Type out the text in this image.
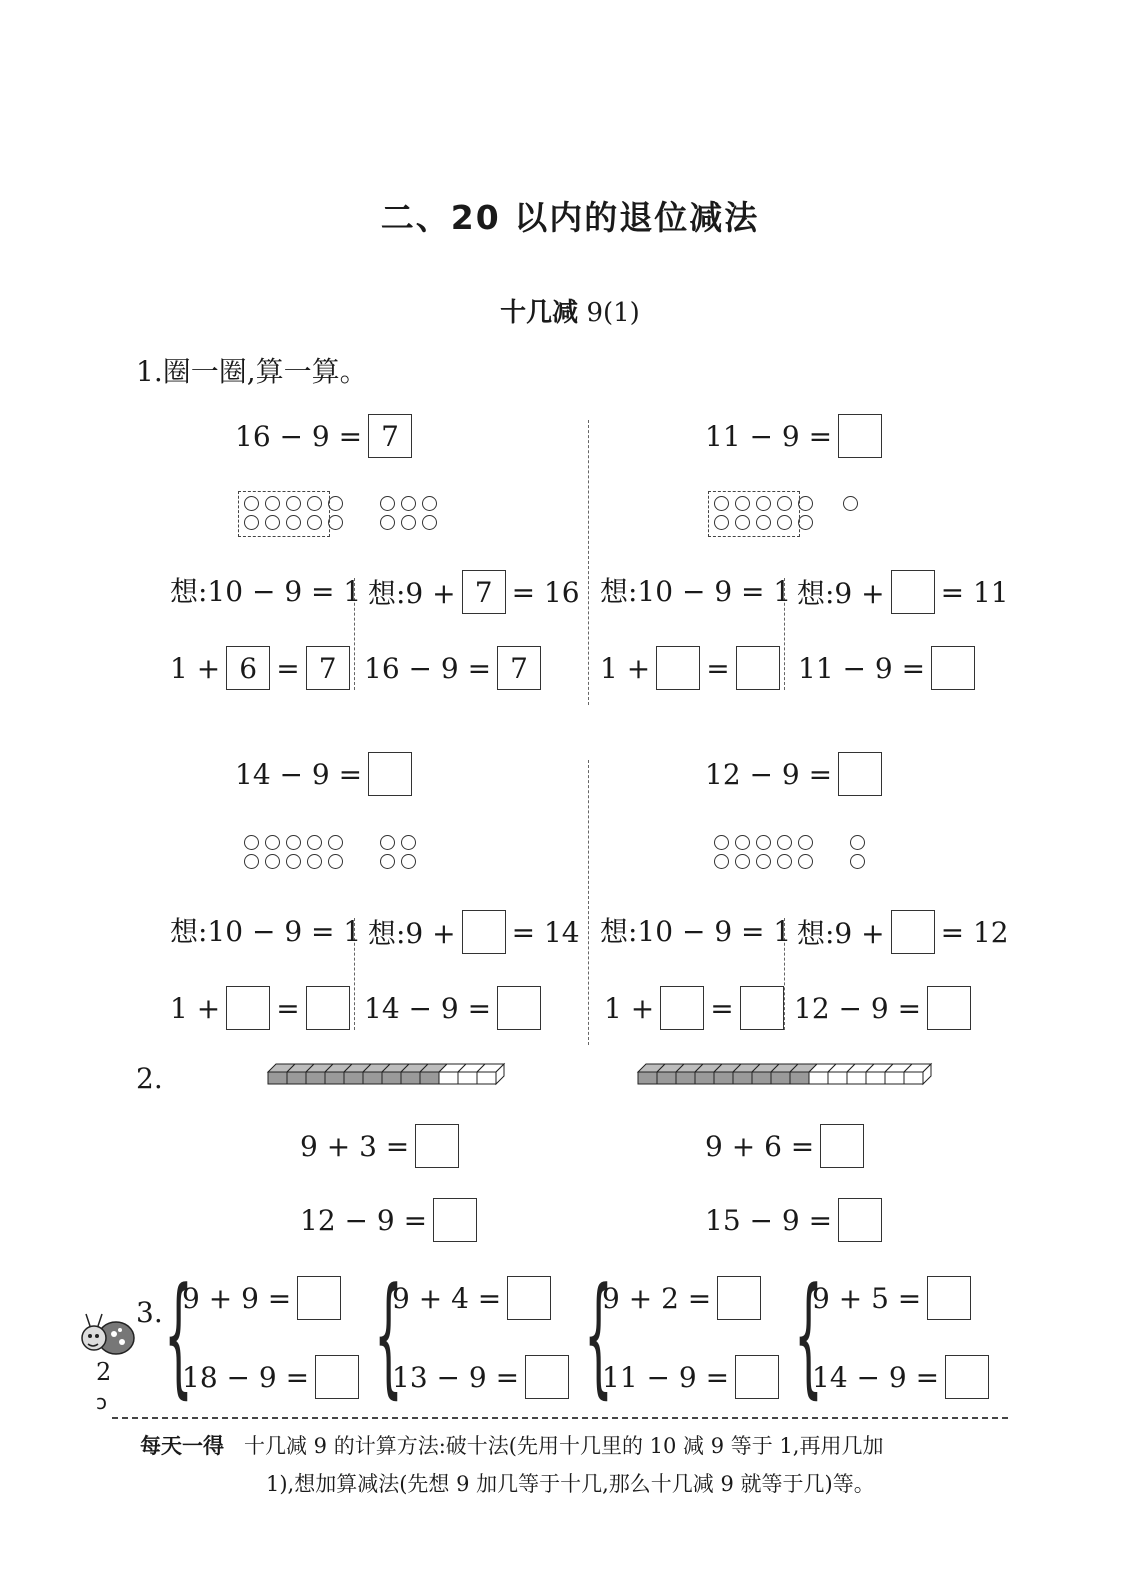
二、20 以内的退位减法
十几减 9(1)
1.圈一圈,算一算。
16 − 9 = 7
想:10 − 9 = 1 想:9 + 7 = 16
1 + 6 = 7 16 − 9 = 7
11 − 9 =
想:10 − 9 = 1 想:9 + = 11
1 + = 11 − 9 =
14 − 9 =
想:10 − 9 = 1 想:9 + = 14
1 + = 14 − 9 =
12 − 9 =
想:10 − 9 = 1 想:9 + = 12
1 + = 12 − 9 =
2.
9 + 3 =
12 − 9 =
9 + 6 =
15 − 9 =
3.
2
ↄ { { { {
9 + 9 =
18 − 9 =
9 + 4 =
13 − 9 =
9 + 2 =
11 − 9 =
9 + 5 =
14 − 9 =
每天一得 十几减 9 的计算方法:破十法(先用十几里的 10 减 9 等于 1,再用几加
1),想加算减法(先想 9 加几等于十几,那么十几减 9 就等于几)等。
